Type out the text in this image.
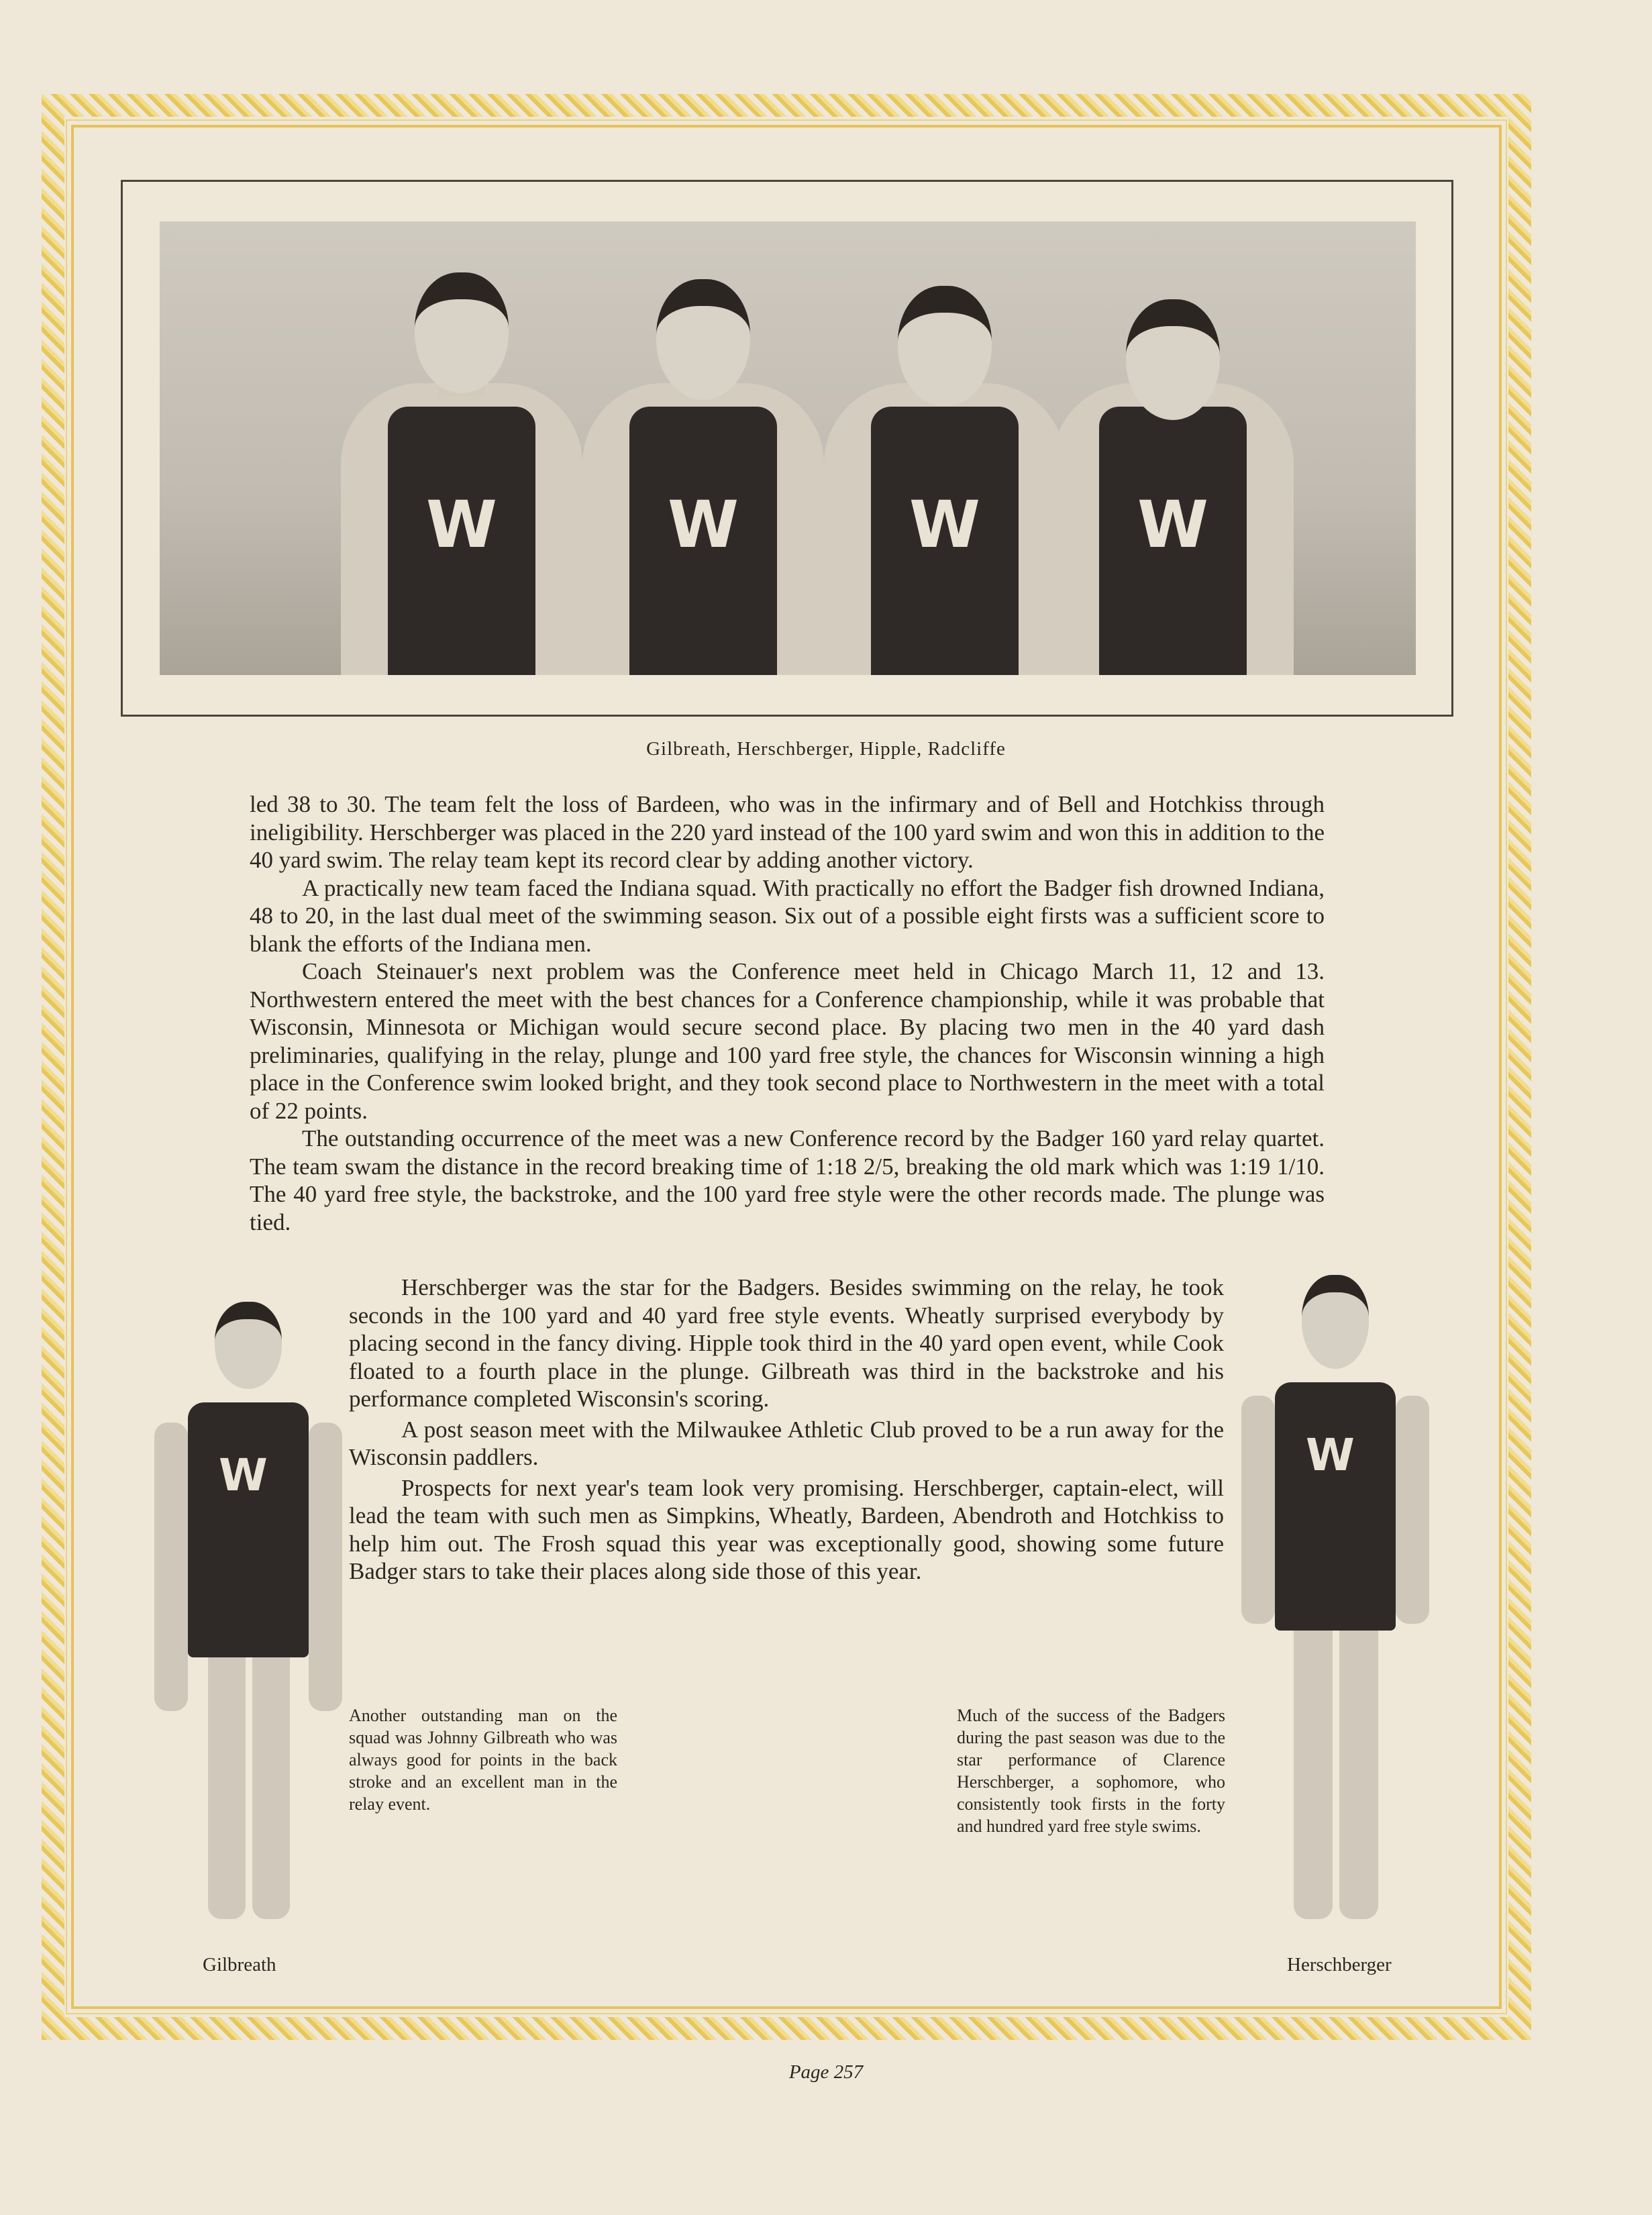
W	W	W	W
Gilbreath, Herschberger, Hipple, Radcliffe

led 38 to 30. The team felt the loss of Bardeen, who was in the infirmary and of Bell and Hotchkiss through ineligibility. Herschberger was placed in the 220 yard instead of the 100 yard swim and won this in addition to the 40 yard swim. The relay team kept its record clear by adding another victory.

A practically new team faced the Indiana squad. With practically no effort the Badger fish drowned Indiana, 48 to 20, in the last dual meet of the swimming season. Six out of a possible eight firsts was a sufficient score to blank the efforts of the Indiana men.

Coach Steinauer's next problem was the Conference meet held in Chicago March 11, 12 and 13. Northwestern entered the meet with the best chances for a Conference championship, while it was probable that Wisconsin, Minnesota or Michigan would secure second place. By placing two men in the 40 yard dash preliminaries, qualifying in the relay, plunge and 100 yard free style, the chances for Wisconsin winning a high place in the Conference swim looked bright, and they took second place to Northwestern in the meet with a total of 22 points.

The outstanding occurrence of the meet was a new Conference record by the Badger 160 yard relay quartet. The team swam the distance in the record breaking time of 1:18 2/5, breaking the old mark which was 1:19 1/10. The 40 yard free style, the backstroke, and the 100 yard free style were the other records made. The plunge was tied.

Herschberger was the star for the Badgers. Besides swimming on the relay, he took seconds in the 100 yard and 40 yard free style events. Wheatly surprised everybody by placing second in the fancy diving. Hipple took third in the 40 yard open event, while Cook floated to a fourth place in the plunge. Gilbreath was third in the backstroke and his performance completed Wisconsin's scoring.

A post season meet with the Milwaukee Athletic Club proved to be a run away for the Wisconsin paddlers.

Prospects for next year's team look very promising. Herschberger, captain-elect, will lead the team with such men as Simpkins, Wheatly, Bardeen, Abendroth and Hotchkiss to help him out. The Frosh squad this year was exceptionally good, showing some future Badger stars to take their places along side those of this year.

W
Gilbreath
Another outstanding man on the squad was Johnny Gilbreath who was always good for points in the back stroke and an excellent man in the relay event.
W
Herschberger
Much of the success of the Badgers during the past season was due to the star performance of Clarence Herschberger, a sophomore, who consistently took firsts in the forty and hundred yard free style swims.
Page 257
